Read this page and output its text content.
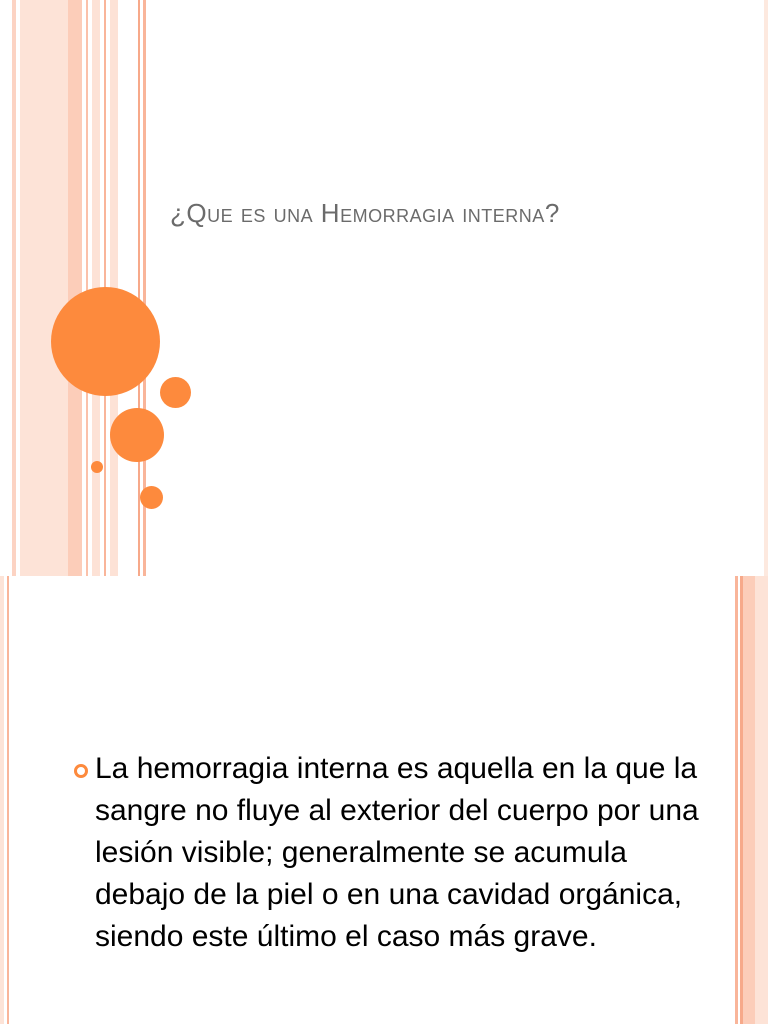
¿Que es una Hemorragia interna?
La hemorragia interna es aquella en la que la sangre no fluye al exterior del cuerpo por una lesión visible; generalmente se acumula debajo de la piel o en una cavidad orgánica, siendo este último el caso más grave.
